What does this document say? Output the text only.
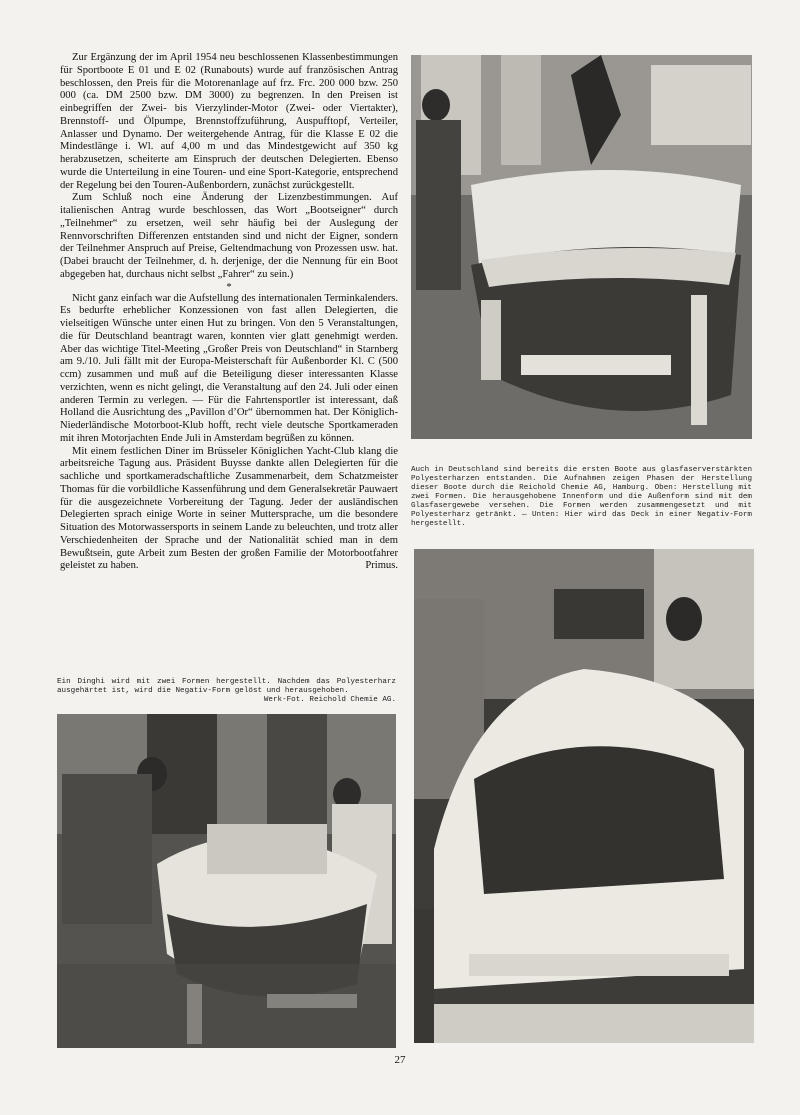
Zur Ergänzung der im April 1954 neu beschlossenen Klassenbestimmungen für Sportboote E 01 und E 02 (Runabouts) wurde auf französischen Antrag beschlossen, den Preis für die Motorenanlage auf frz. Frc. 200 000 bzw. 250 000 (ca. DM 2500 bzw. DM 3000) zu begrenzen. In den Preisen ist einbegriffen der Zwei- bis Vierzylinder-Motor (Zwei- oder Viertakter), Brennstoff- und Ölpumpe, Brennstoffzuführung, Auspufftopf, Verteiler, Anlasser und Dynamo. Der weitergehende Antrag, für die Klasse E 02 die Mindestlänge i. Wl. auf 4,00 m und das Mindestgewicht auf 350 kg herabzusetzen, scheiterte am Einspruch der deutschen Delegierten. Ebenso wurde die Unterteilung in eine Touren- und eine Sport-Kategorie, entsprechend der Regelung bei den Touren-Außenbordern, zunächst zurückgestellt.

Zum Schluß noch eine Änderung der Lizenzbestimmungen. Auf italienischen Antrag wurde beschlossen, das Wort „Bootseigner“ durch „Teilnehmer“ zu ersetzen, weil sehr häufig bei der Auslegung der Rennvorschriften Differenzen entstanden sind und nicht der Eigner, sondern der Teilnehmer Anspruch auf Preise, Geltendmachung von Prozessen usw. hat. (Dabei braucht der Teilnehmer, d. h. derjenige, der die Nennung für ein Boot abgegeben hat, durchaus nicht selbst „Fahrer“ zu sein.)

*

Nicht ganz einfach war die Aufstellung des internationalen Terminkalenders. Es bedurfte erheblicher Konzessionen von fast allen Delegierten, die vielseitigen Wünsche unter einen Hut zu bringen. Von den 5 Veranstaltungen, die für Deutschland beantragt waren, konnten vier glatt genehmigt werden. Aber das wichtige Titel-Meeting „Großer Preis von Deutschland“ in Starnberg am 9./10. Juli fällt mit der Europa-Meisterschaft für Außenborder Kl. C (500 ccm) zusammen und muß auf die Beteiligung dieser interessanten Klasse verzichten, wenn es nicht gelingt, die Veranstaltung auf den 24. Juli oder einen anderen Termin zu verlegen. — Für die Fahrtensportler ist interessant, daß Holland die Ausrichtung des „Pavillon d’Or“ übernommen hat. Der Königlich-Niederländische Motorboot-Klub hofft, recht viele deutsche Sportkameraden mit ihren Motorjachten Ende Juli in Amsterdam begrüßen zu können.

Mit einem festlichen Diner im Brüsseler Königlichen Yacht-Club klang die arbeitsreiche Tagung aus. Präsident Buysse dankte allen Delegierten für die sachliche und sportkameradschaftliche Zusammenarbeit, dem Schatzmeister Thomas für die vorbildliche Kassenführung und dem Generalsekretär Pauwaert für die ausgezeichnete Vorbereitung der Tagung. Jeder der ausländischen Delegierten sprach einige Worte in seiner Muttersprache, um die besondere Situation des Motorwassersports in seinem Lande zu beleuchten, und trotz aller Verschiedenheiten der Sprache und der Nationalität schied man in dem Bewußtsein, gute Arbeit zum Besten der großen Familie der Motorbootfahrer geleistet zu haben.	Primus.

Auch in Deutschland sind bereits die ersten Boote aus glasfaserverstärkten Polyesterharzen entstanden. Die Aufnahmen zeigen Phasen der Herstellung dieser Boote durch die Reichold Chemie AG, Hamburg. Oben: Herstellung mit zwei Formen. Die herausgehobene Innenform und die Außenform sind mit dem Glasfasergewebe versehen. Die Formen werden zusammengesetzt und mit Polyesterharz getränkt. — Unten: Hier wird das Deck in einer Negativ-Form hergestellt.
Ein Dinghi wird mit zwei Formen hergestellt. Nachdem das Polyesterharz ausgehärtet ist, wird die Negativ-Form gelöst und herausgehoben.
Werk-Fot. Reichold Chemie AG.
27
